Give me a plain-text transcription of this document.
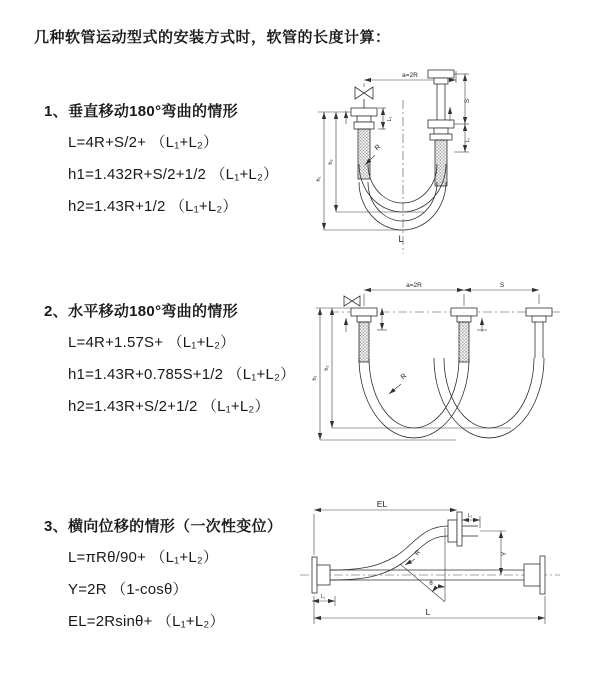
几种软管运动型式的安装方式时，软管的长度计算：
1、垂直移动180°弯曲的情形
L=4R+S/2+ （L₁+L₂）
h1=1.432R+S/2+1/2 （L₁+L₂）
h2=1.43R+1/2 （L₁+L₂）
2、水平移动180°弯曲的情形
L=4R+1.57S+ （L₁+L₂）
h1=1.43R+0.785S+1/2 （L₁+L₂）
h2=1.43R+S/2+1/2 （L₁+L₂）
3、横向位移的情形（一次性变位）
L=πRθ/90+ （L₁+L₂）
Y=2R （1-cosθ）
EL=2Rsinθ+ （L₁+L₂）
a=2R
L₁
S
L₂
h₁
h₂
R
L
a=2R	S
h₁
h₂
R
EL
L₂
Y
θ
R
L
L₁
